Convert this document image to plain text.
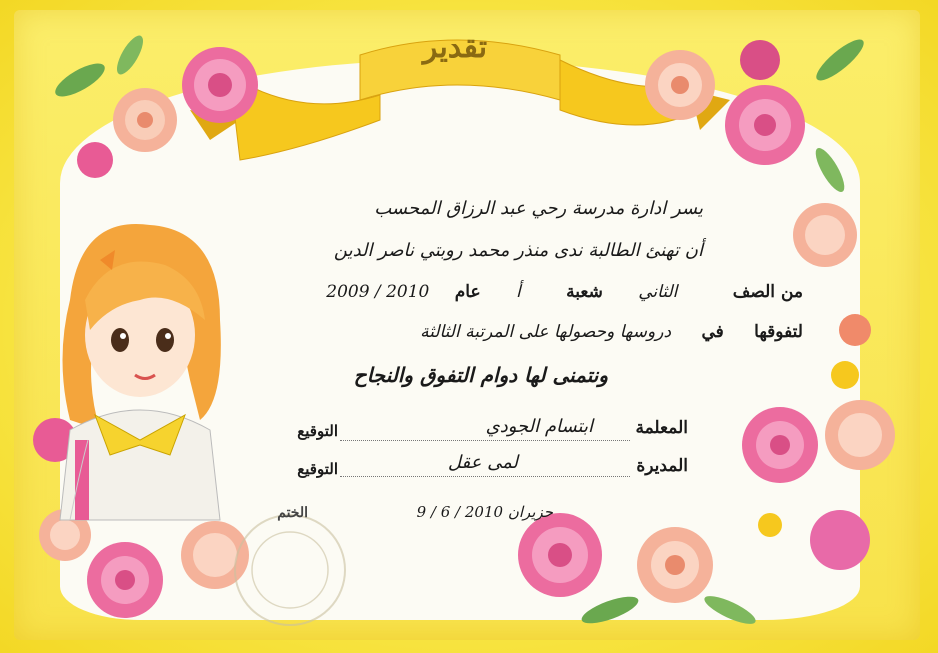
تقدير
يسر ادارة مدرسة رحي عبد الرزاق المحسب
أن تهنئ الطالبة ندى منذر محمد روبتي ناصر الدين
من الصف الثاني شعبة أ عام 2010 / 2009
لتفوقها في دروسها وحصولها على المرتبة الثالثة
ونتمنى لها دوام التفوق والنجاح
المعلمة
ابتسام الجودي
التوقيع
المديرة
لمى عقل
التوقيع
حزيران 2010 / 6 / 9
الختم
